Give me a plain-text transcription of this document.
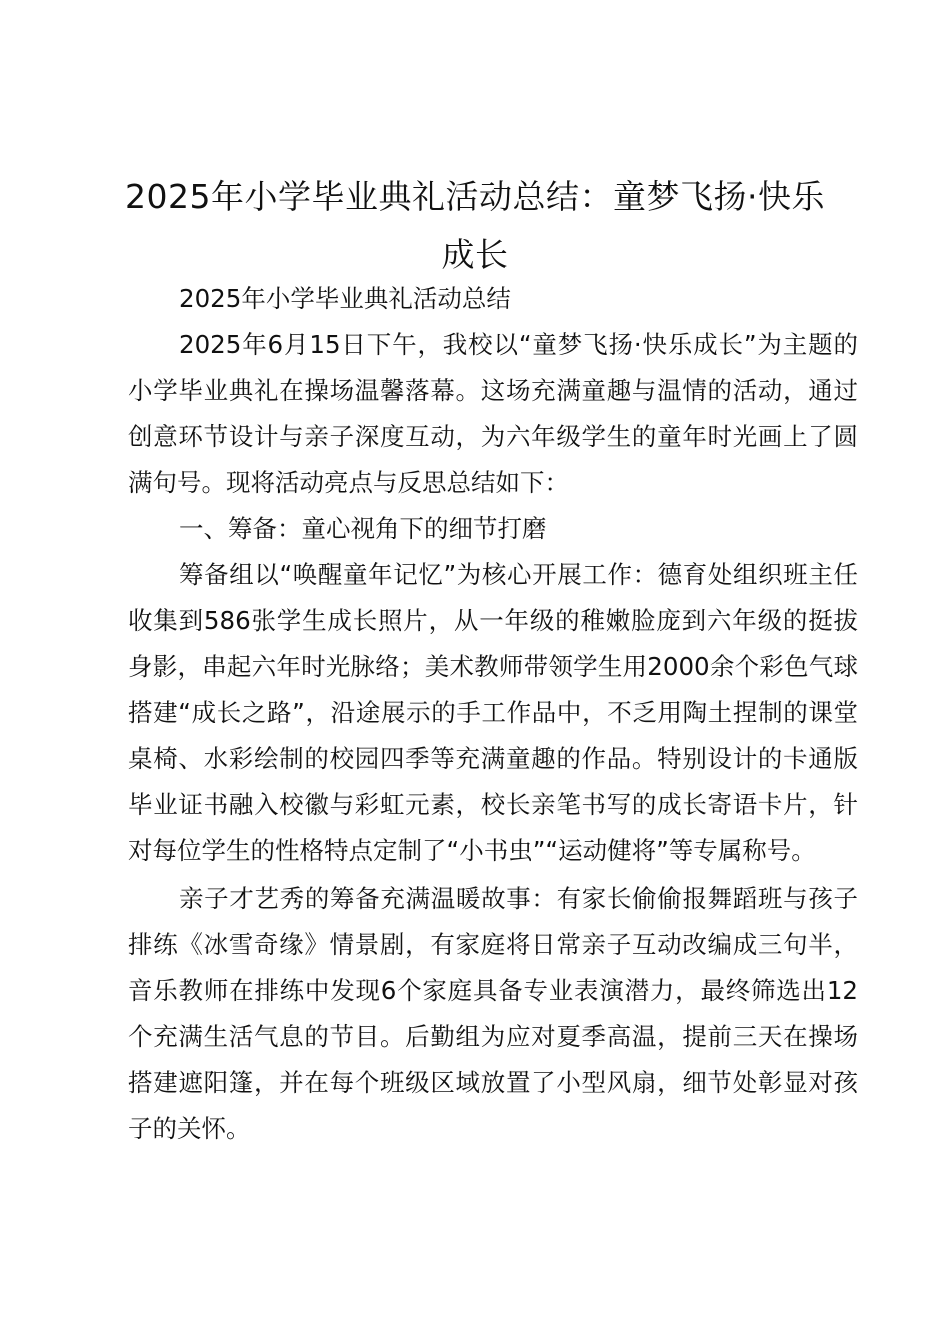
2025年小学毕业典礼活动总结：童梦飞扬·快乐成长

2025年小学毕业典礼活动总结

2025年6月15日下午，我校以“童梦飞扬·快乐成长”为主题的小学毕业典礼在操场温馨落幕。这场充满童趣与温情的活动，通过创意环节设计与亲子深度互动，为六年级学生的童年时光画上了圆满句号。现将活动亮点与反思总结如下：

一、筹备：童心视角下的细节打磨

筹备组以“唤醒童年记忆”为核心开展工作：德育处组织班主任收集到586张学生成长照片，从一年级的稚嫩脸庞到六年级的挺拔身影，串起六年时光脉络；美术教师带领学生用2000余个彩色气球搭建“成长之路”，沿途展示的手工作品中，不乏用陶土捏制的课堂桌椅、水彩绘制的校园四季等充满童趣的作品。特别设计的卡通版毕业证书融入校徽与彩虹元素，校长亲笔书写的成长寄语卡片，针对每位学生的性格特点定制了“小书虫”“运动健将”等专属称号。

亲子才艺秀的筹备充满温暖故事：有家长偷偷报舞蹈班与孩子排练《冰雪奇缘》情景剧，有家庭将日常亲子互动改编成三句半，音乐教师在排练中发现6个家庭具备专业表演潜力，最终筛选出12个充满生活气息的节目。后勤组为应对夏季高温，提前三天在操场搭建遮阳篷，并在每个班级区域放置了小型风扇，细节处彰显对孩子的关怀。
